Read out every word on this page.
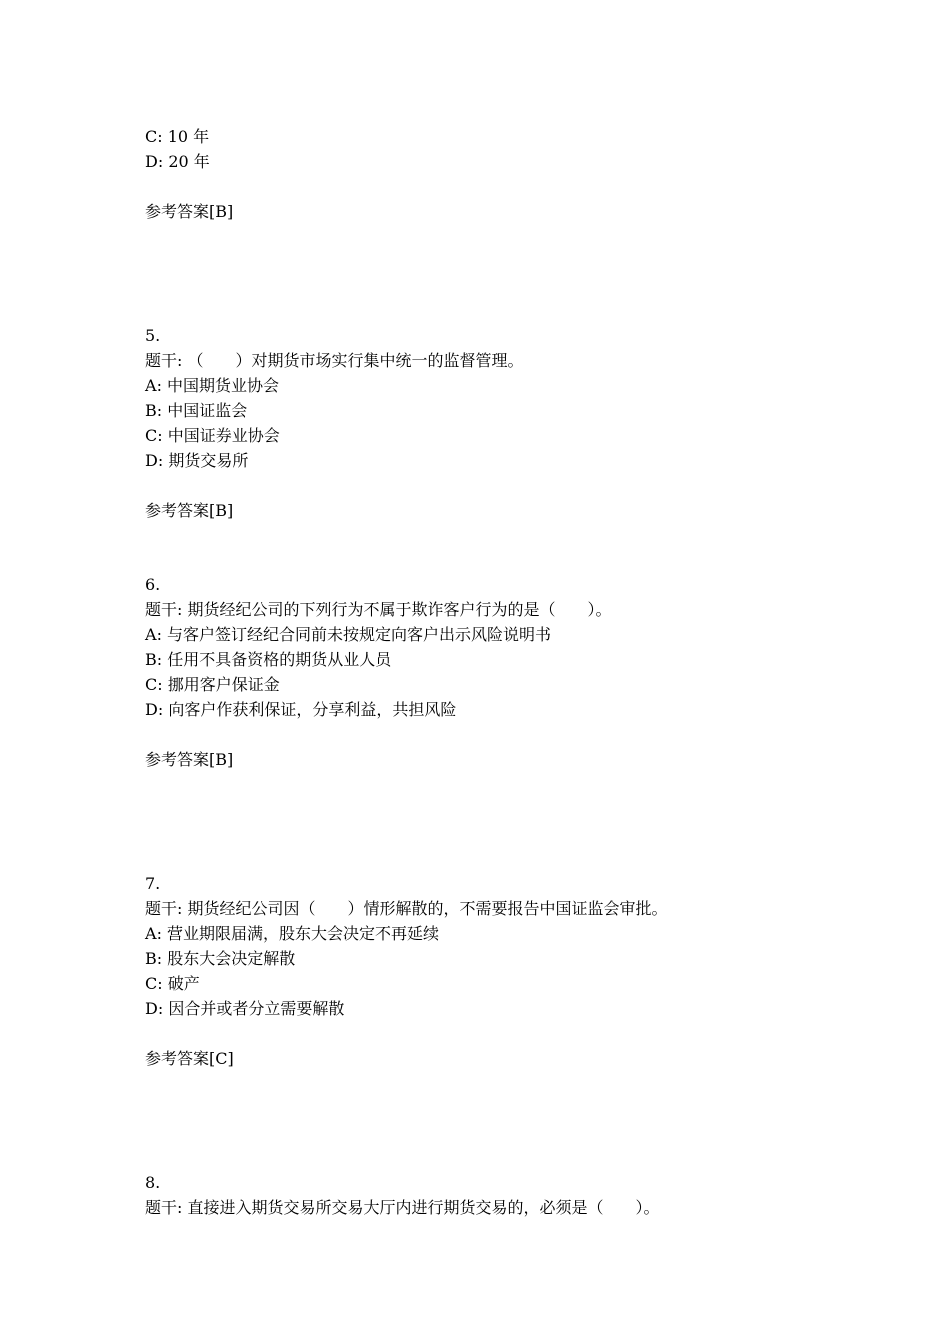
C: 10 年
D: 20 年
参考答案[B]
5.
题干: （　　）对期货市场实行集中统一的监督管理。
A: 中国期货业协会
B: 中国证监会
C: 中国证券业协会
D: 期货交易所
参考答案[B]
6.
题干: 期货经纪公司的下列行为不属于欺诈客户行为的是（　　）。
A: 与客户签订经纪合同前未按规定向客户出示风险说明书
B: 任用不具备资格的期货从业人员
C: 挪用客户保证金
D: 向客户作获利保证，分享利益，共担风险
参考答案[B]
7.
题干: 期货经纪公司因（　　）情形解散的，不需要报告中国证监会审批。
A: 营业期限届满，股东大会决定不再延续
B: 股东大会决定解散
C: 破产
D: 因合并或者分立需要解散
参考答案[C]
8.
题干: 直接进入期货交易所交易大厅内进行期货交易的，必须是（　　）。
